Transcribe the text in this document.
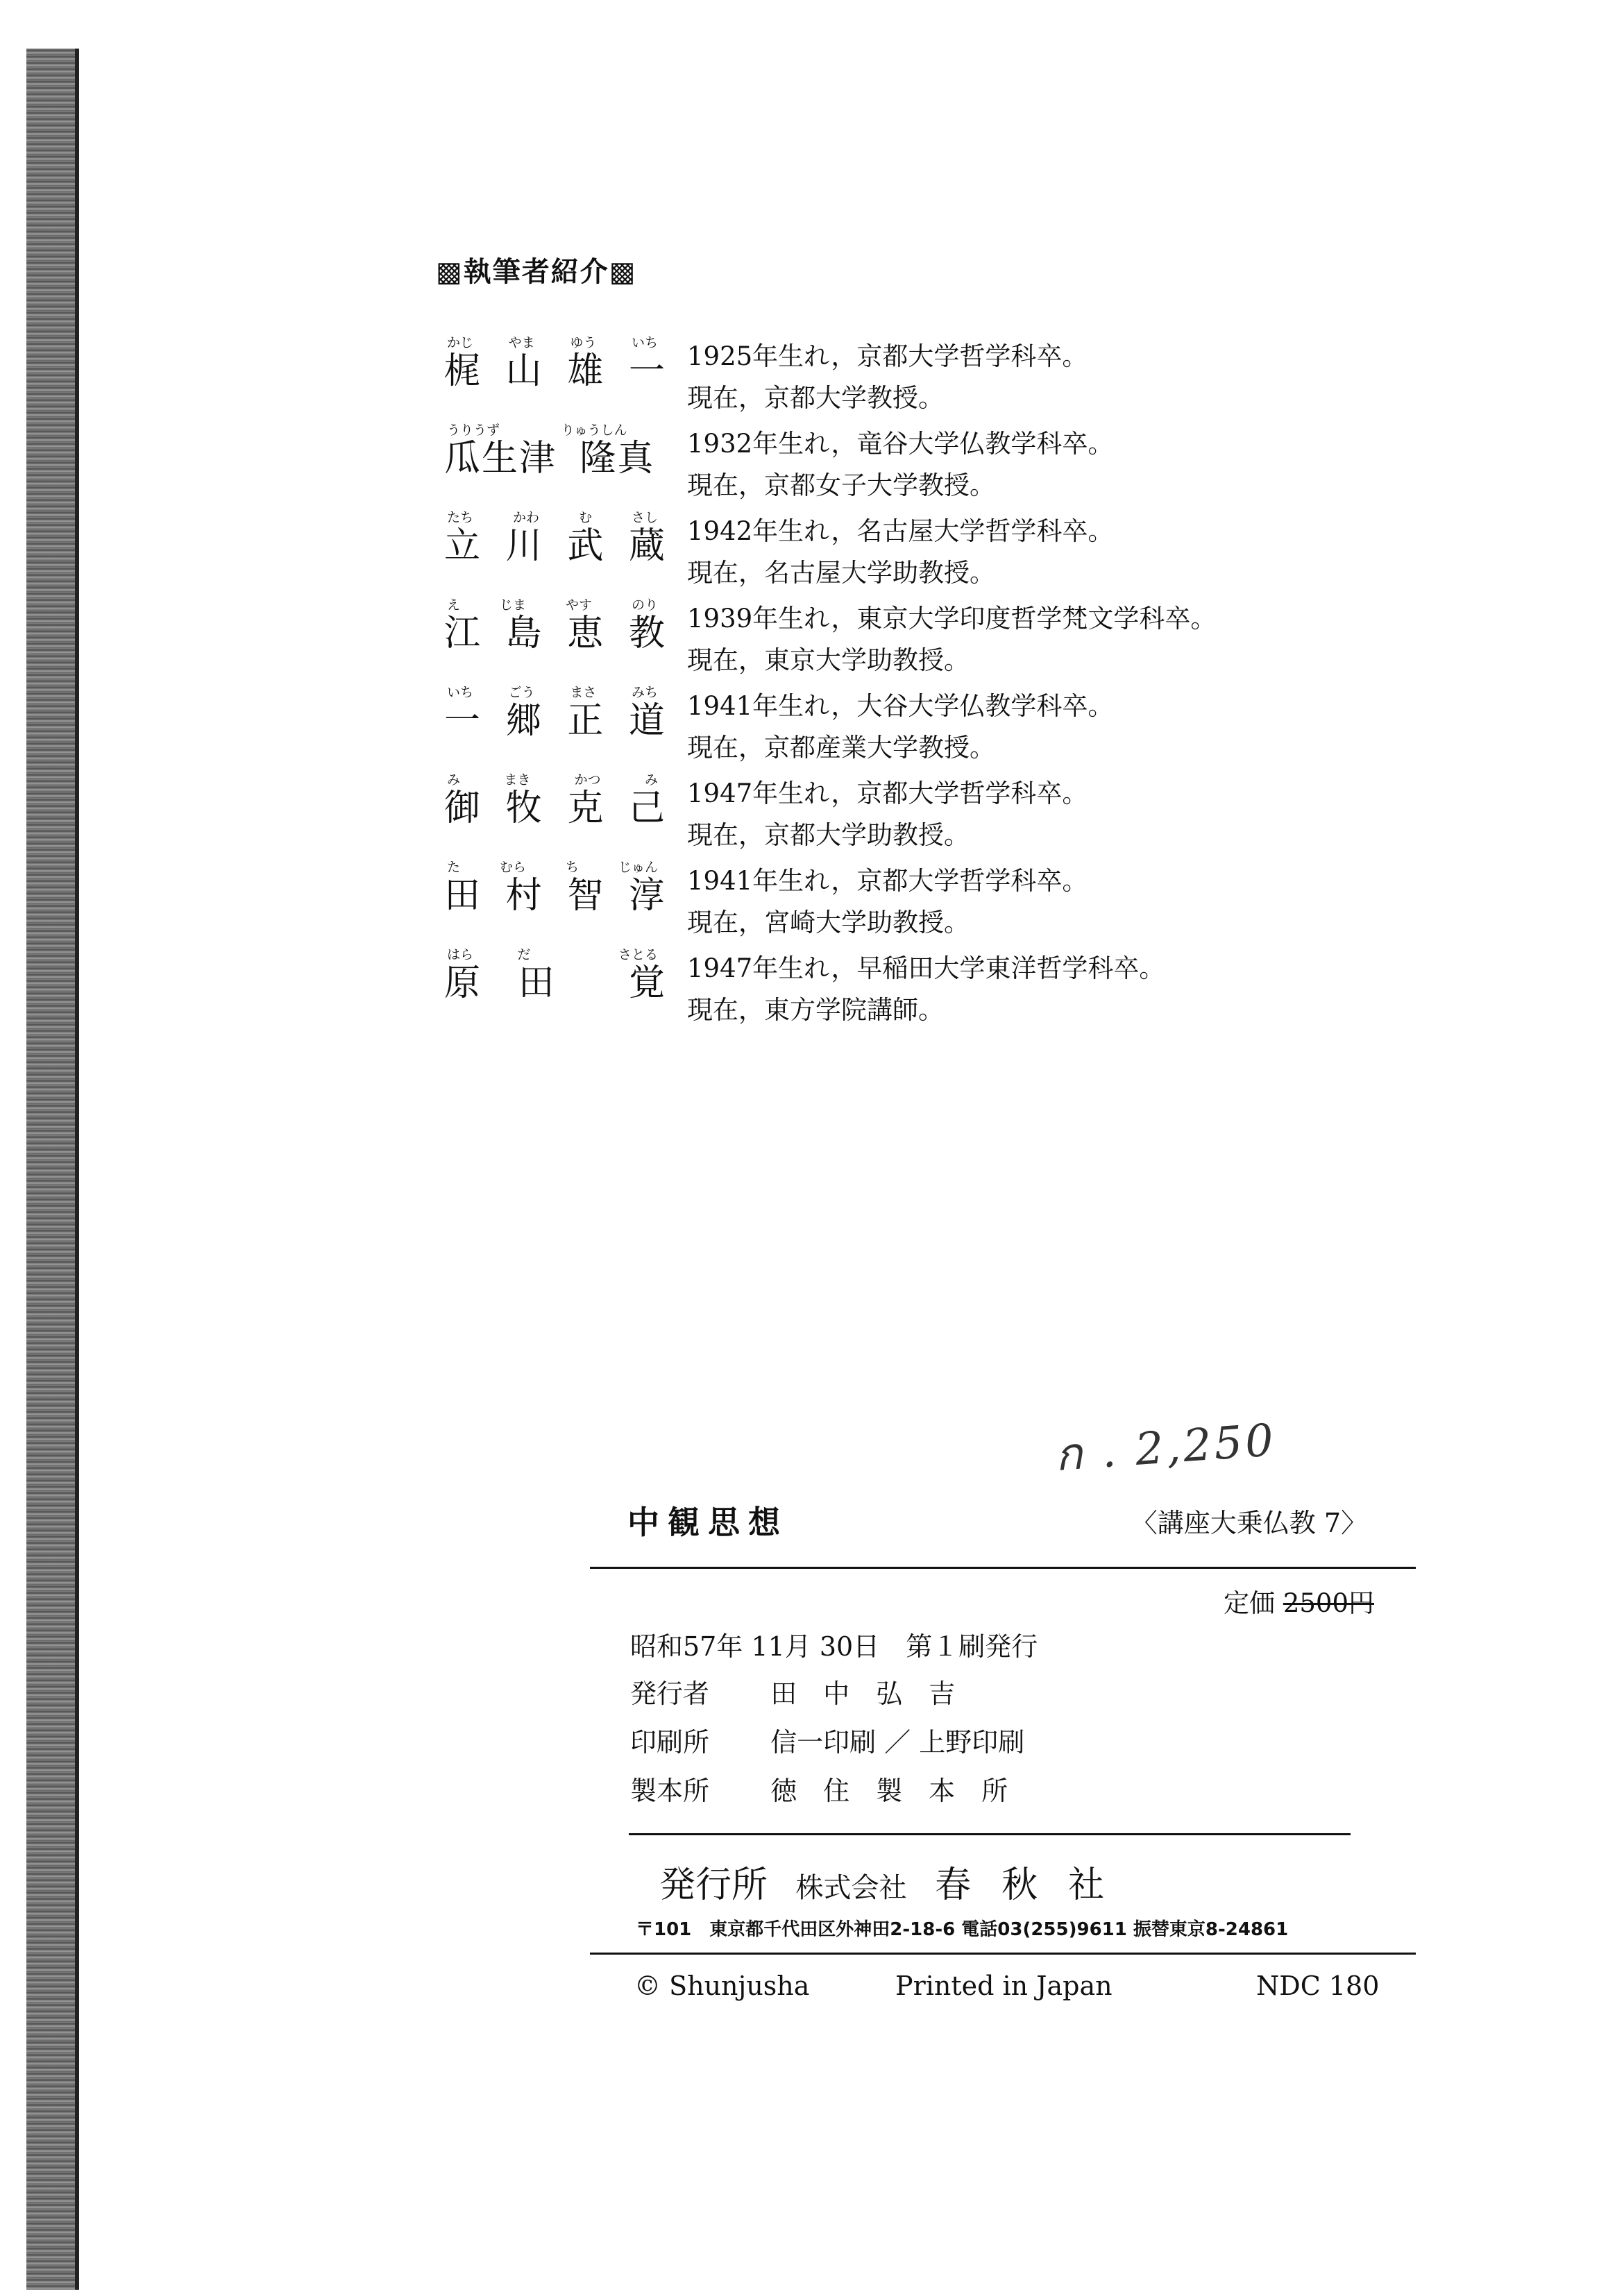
▩執筆者紹介▩
かじ	やま	ゆう	いち
梶 山 雄 一 1925年生れ，京都大学哲学科卒。
現在，京都大学教授。
うりうず	りゅうしん
瓜生津 隆真 1932年生れ，竜谷大学仏教学科卒。
現在，京都女子大学教授。
たち	かわ	む	さし
立 川 武 蔵 1942年生れ，名古屋大学哲学科卒。
現在，名古屋大学助教授。
え	じま	やす	のり
江 島 恵 教 1939年生れ，東京大学印度哲学梵文学科卒。
現在，東京大学助教授。
いち	ごう	まさ	みち
一 郷 正 道 1941年生れ，大谷大学仏教学科卒。
現在，京都産業大学教授。
み	まき	かつ	み
御 牧 克 己 1947年生れ，京都大学哲学科卒。
現在，京都大学助教授。
た	むら	ち	じゅん
田 村 智 淳 1941年生れ，京都大学哲学科卒。
現在，宮崎大学助教授。
はら	だ	さとる
原 田 覚 1947年生れ，早稲田大学東洋哲学科卒。
現在，東方学院講師。
ก . 2,250
中観思想	〈講座大乗仏教 7〉
定価 2500円
昭和57年 11月 30日　第１刷発行
発行者 田　中　弘　吉
印刷所 信一印刷 ／ 上野印刷
製本所 徳　住　製　本　所
発行所 株式会社 春秋社
〒101　東京都千代田区外神田2-18-6 電話03(255)9611 振替東京8-24861
© Shunjusha	Printed in Japan	NDC 180
